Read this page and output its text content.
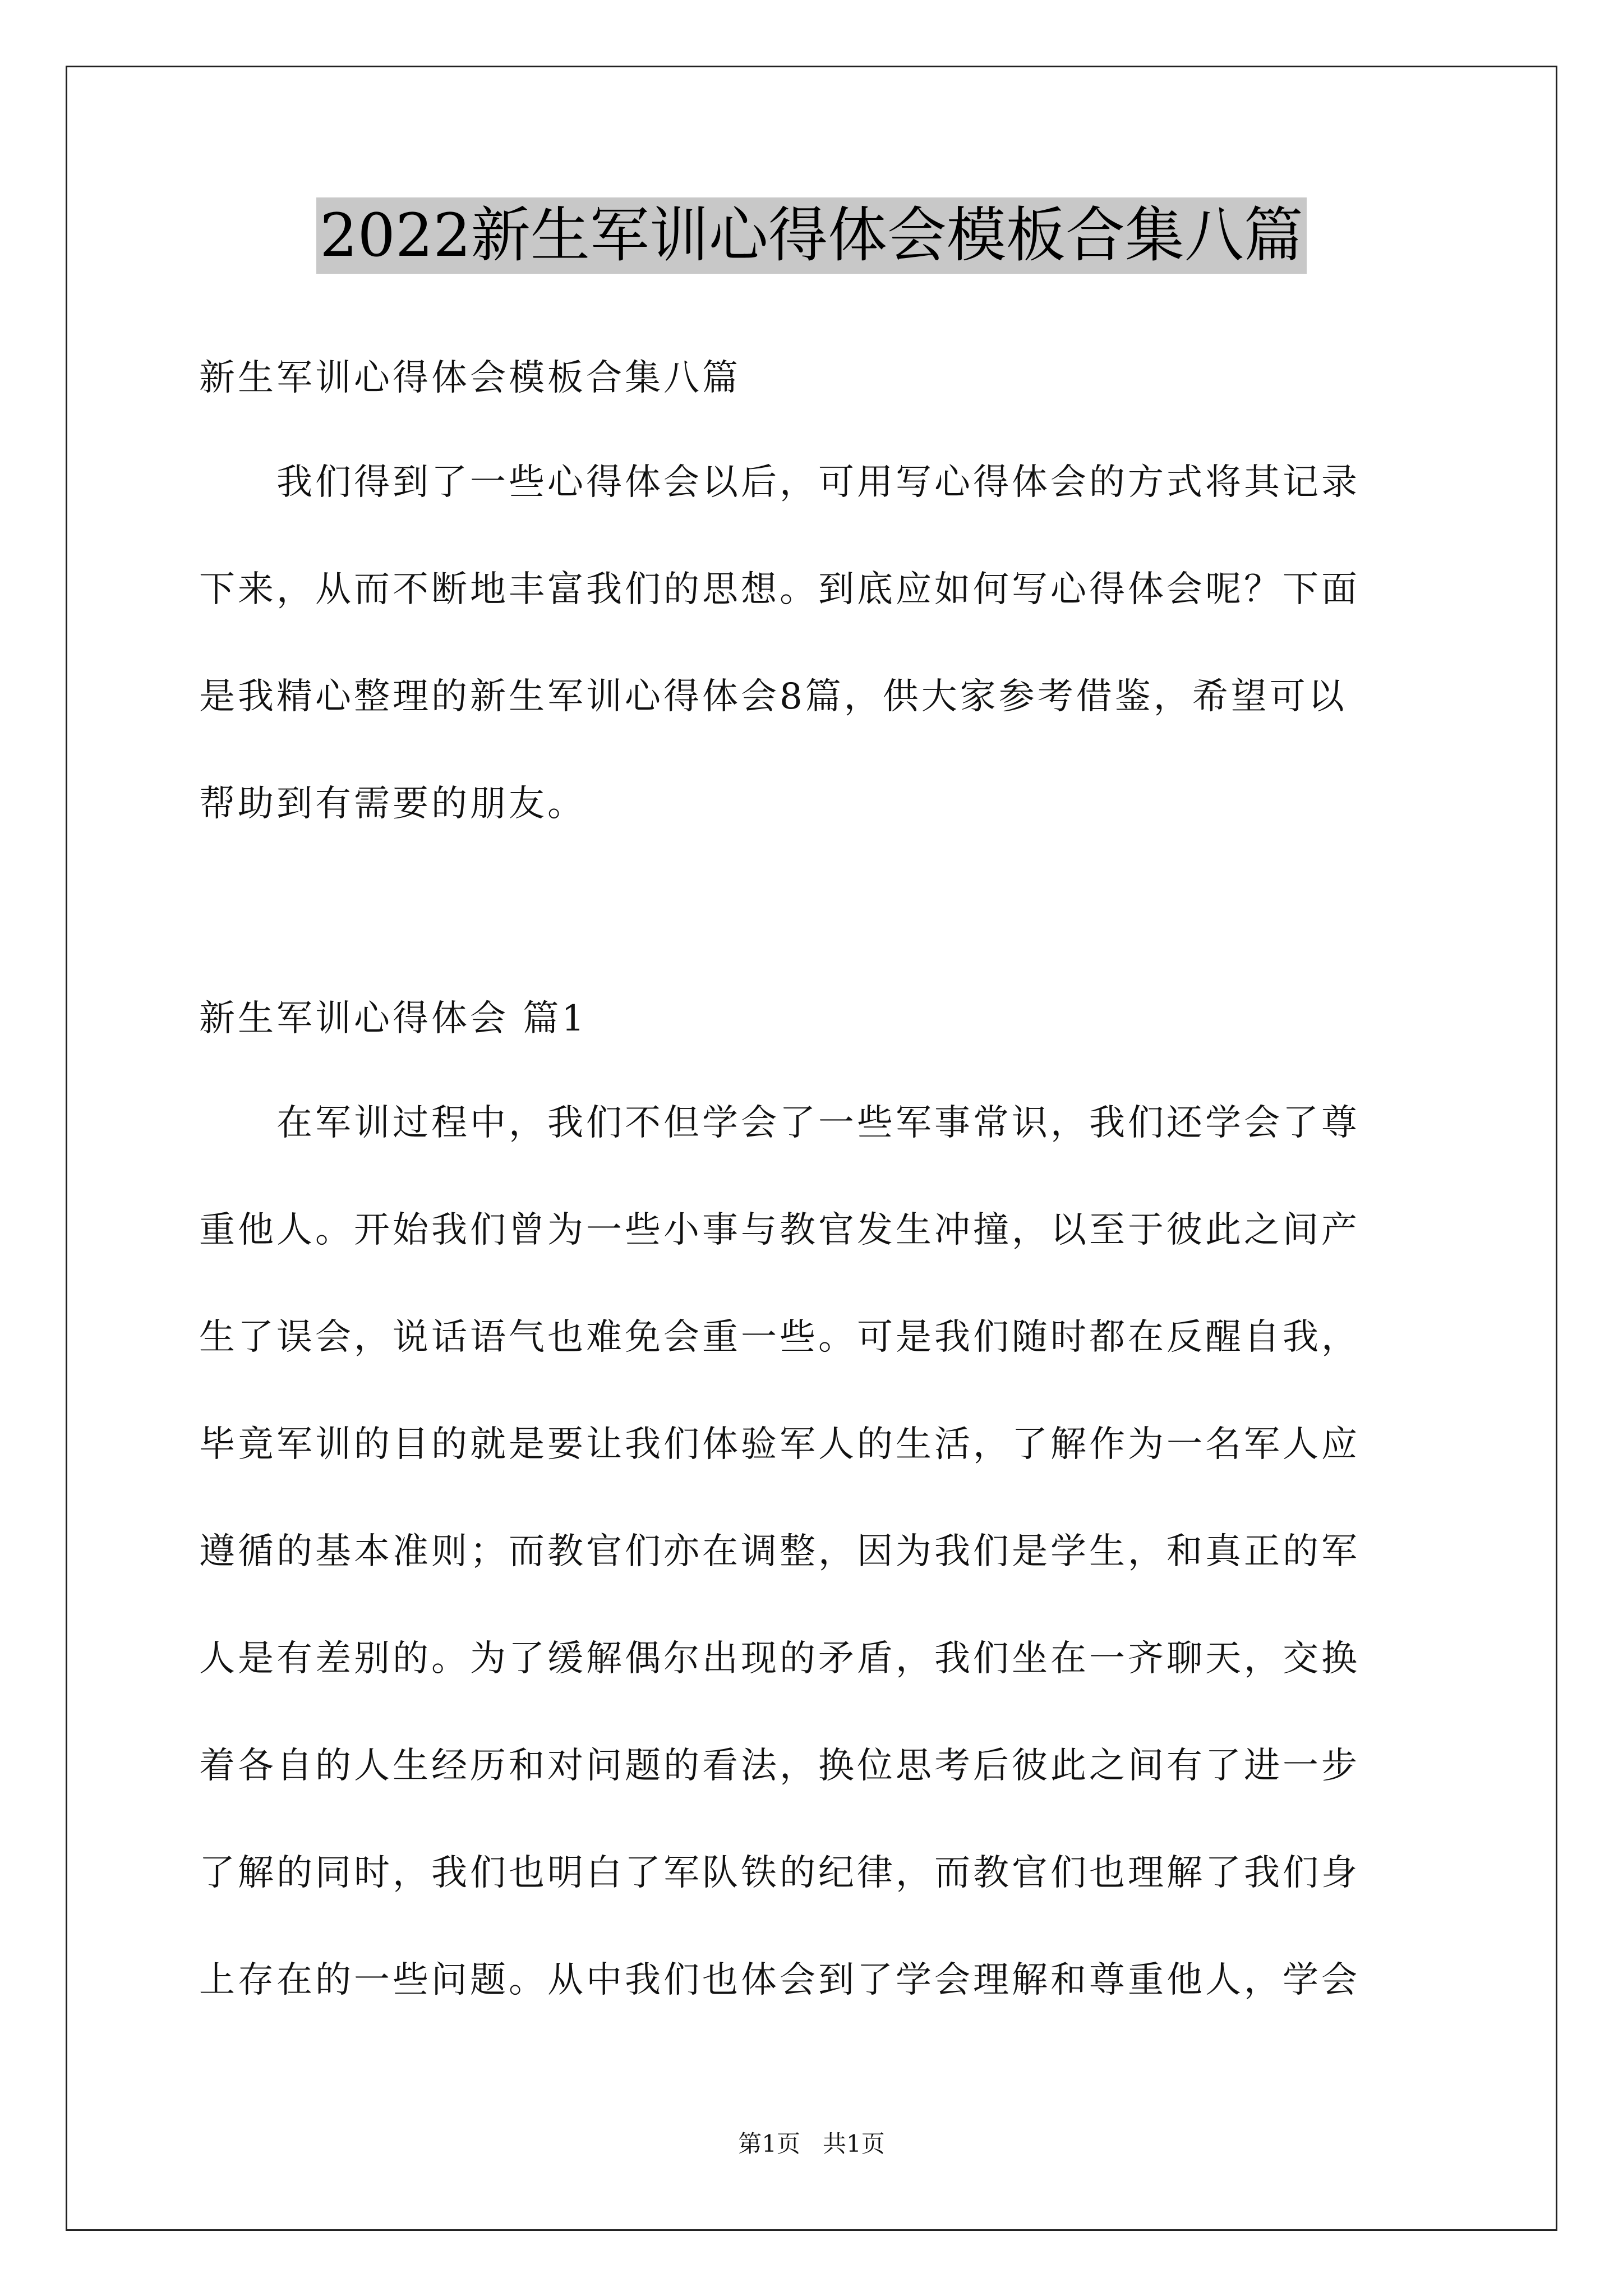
2022新生军训心得体会模板合集八篇
新生军训心得体会模板合集八篇
　　我们得到了一些心得体会以后，可用写心得体会的方式将其记录
下来，从而不断地丰富我们的思想。到底应如何写心得体会呢？下面
是我精心整理的新生军训心得体会8篇，供大家参考借鉴，希望可以
帮助到有需要的朋友。
新生军训心得体会 篇1
　　在军训过程中，我们不但学会了一些军事常识，我们还学会了尊
重他人。开始我们曾为一些小事与教官发生冲撞，以至于彼此之间产
生了误会，说话语气也难免会重一些。可是我们随时都在反醒自我，
毕竟军训的目的就是要让我们体验军人的生活，了解作为一名军人应
遵循的基本准则；而教官们亦在调整，因为我们是学生，和真正的军
人是有差别的。为了缓解偶尔出现的矛盾，我们坐在一齐聊天，交换
着各自的人生经历和对问题的看法，换位思考后彼此之间有了进一步
了解的同时，我们也明白了军队铁的纪律，而教官们也理解了我们身
上存在的一些问题。从中我们也体会到了学会理解和尊重他人，学会
第1页 共1页
